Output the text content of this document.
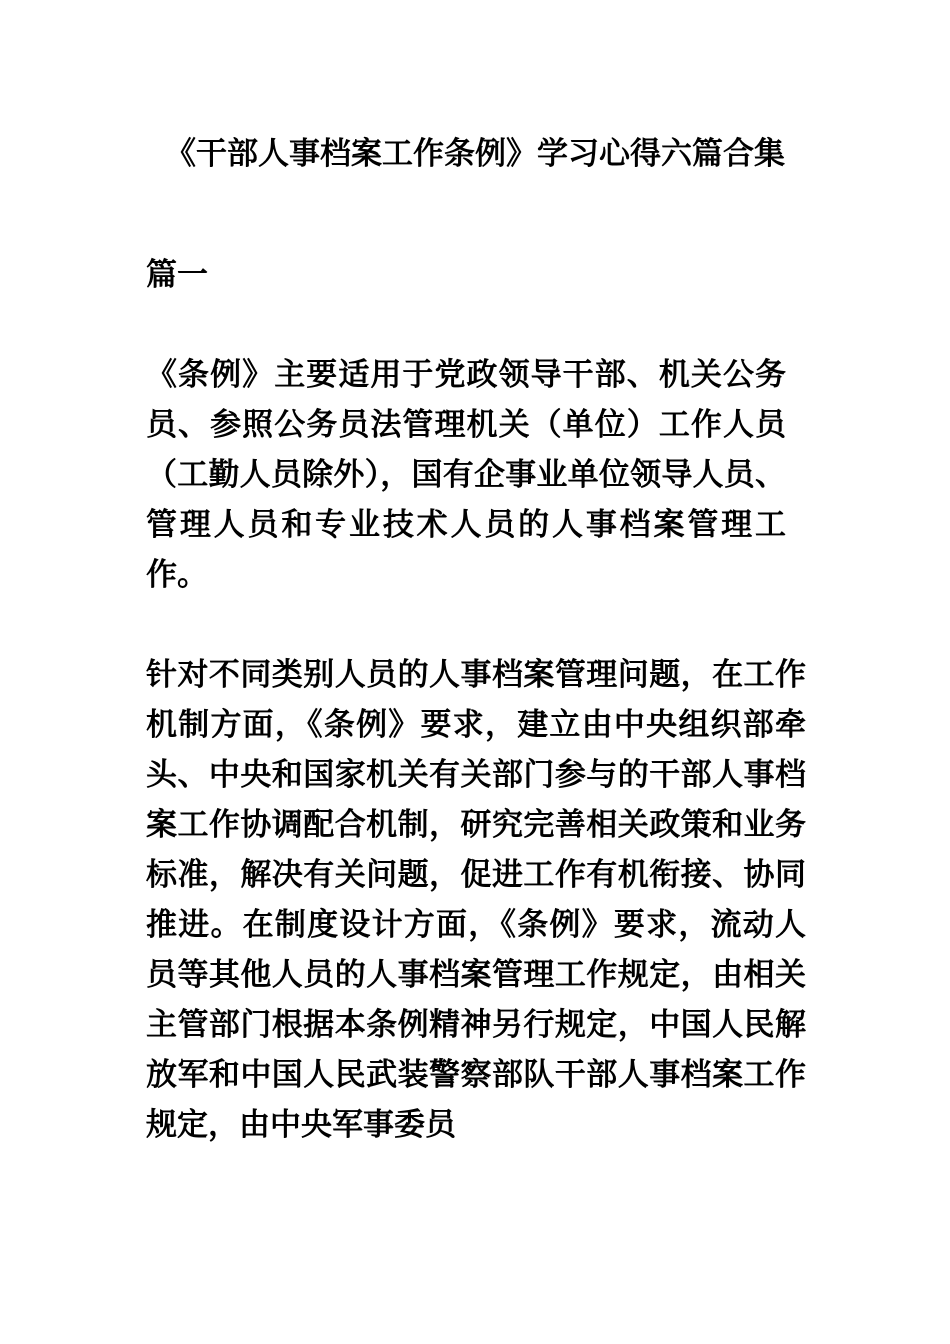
《干部人事档案工作条例》学习心得六篇合集
篇一

《条例》主要适用于党政领导干部、机关公务员、参照公务员法管理机关（单位）工作人员（工勤人员除外），国有企事业单位领导人员、管理人员和专业技术人员的人事档案管理工作。

针对不同类别人员的人事档案管理问题，在工作机制方面，《条例》要求，建立由中央组织部牵头、中央和国家机关有关部门参与的干部人事档案工作协调配合机制，研究完善相关政策和业务标准，解决有关问题，促进工作有机衔接、协同推进。在制度设计方面，《条例》要求，流动人员等其他人员的人事档案管理工作规定，由相关主管部门根据本条例精神另行规定，中国人民解放军和中国人民武装警察部队干部人事档案工作规定，由中央军事委员
